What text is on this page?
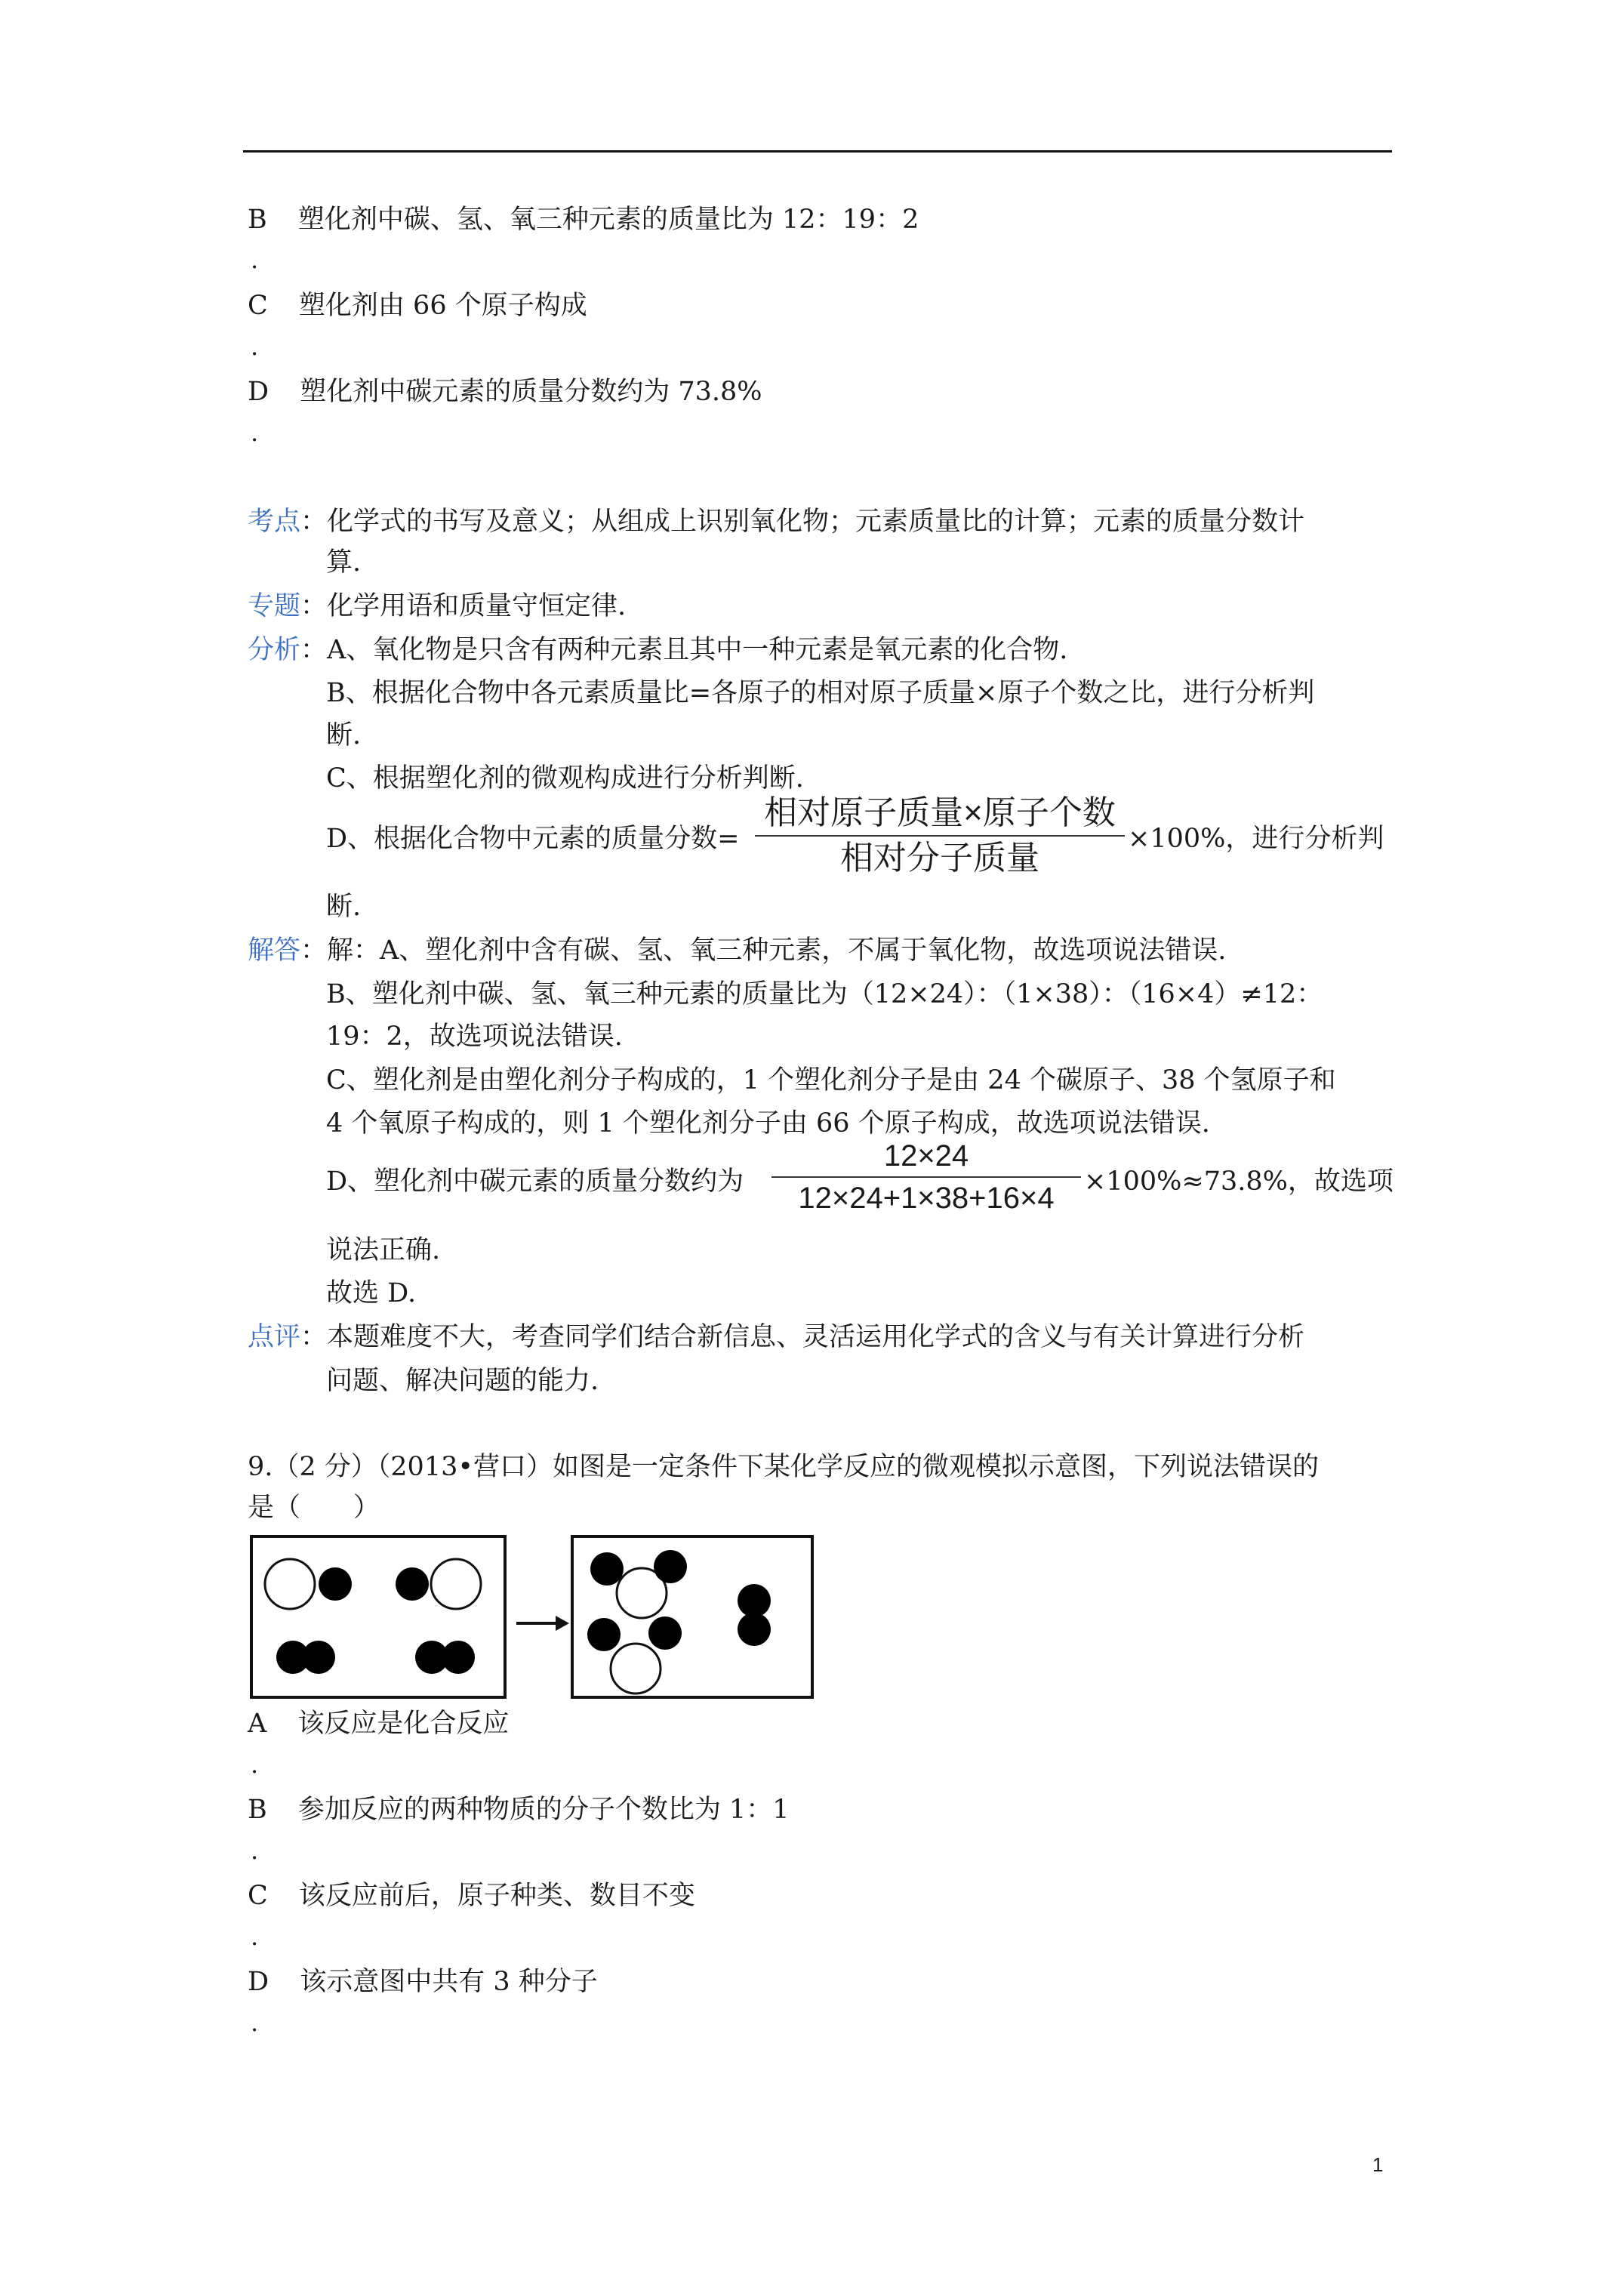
B 塑化剂中碳、氢、氧三种元素的质量比为 12：19：2
.
C 塑化剂由 66 个原子构成
.
D 塑化剂中碳元素的质量分数约为 73.8%
.
考点：化学式的书写及意义；从组成上识别氧化物；元素质量比的计算；元素的质量分数计
算.
专题：化学用语和质量守恒定律.
分析：A、氧化物是只含有两种元素且其中一种元素是氧元素的化合物.
B、根据化合物中各元素质量比=各原子的相对原子质量×原子个数之比，进行分析判
断.
C、根据塑化剂的微观构成进行分析判断.
D、根据化合物中元素的质量分数=
相对原子质量×原子个数
相对分子质量
×100%，进行分析判
断.
解答：解：A、塑化剂中含有碳、氢、氧三种元素，不属于氧化物，故选项说法错误.
B、塑化剂中碳、氢、氧三种元素的质量比为（12×24）：（1×38）：（16×4）≠12：
19：2，故选项说法错误.
C、塑化剂是由塑化剂分子构成的，1 个塑化剂分子是由 24 个碳原子、38 个氢原子和
4 个氧原子构成的，则 1 个塑化剂分子由 66 个原子构成，故选项说法错误.
D、塑化剂中碳元素的质量分数约为
12×24
12×24+1×38+16×4	×100%≈73.8%，故选项
说法正确.
故选 D.
点评：本题难度不大，考查同学们结合新信息、灵活运用化学式的含义与有关计算进行分析
问题、解决问题的能力.
9.（2 分）（2013•营口）如图是一定条件下某化学反应的微观模拟示意图，下列说法错误的
是（　　）
A 该反应是化合反应
.
B 参加反应的两种物质的分子个数比为 1：1
.
C 该反应前后，原子种类、数目不变
.
D 该示意图中共有 3 种分子
.
1
